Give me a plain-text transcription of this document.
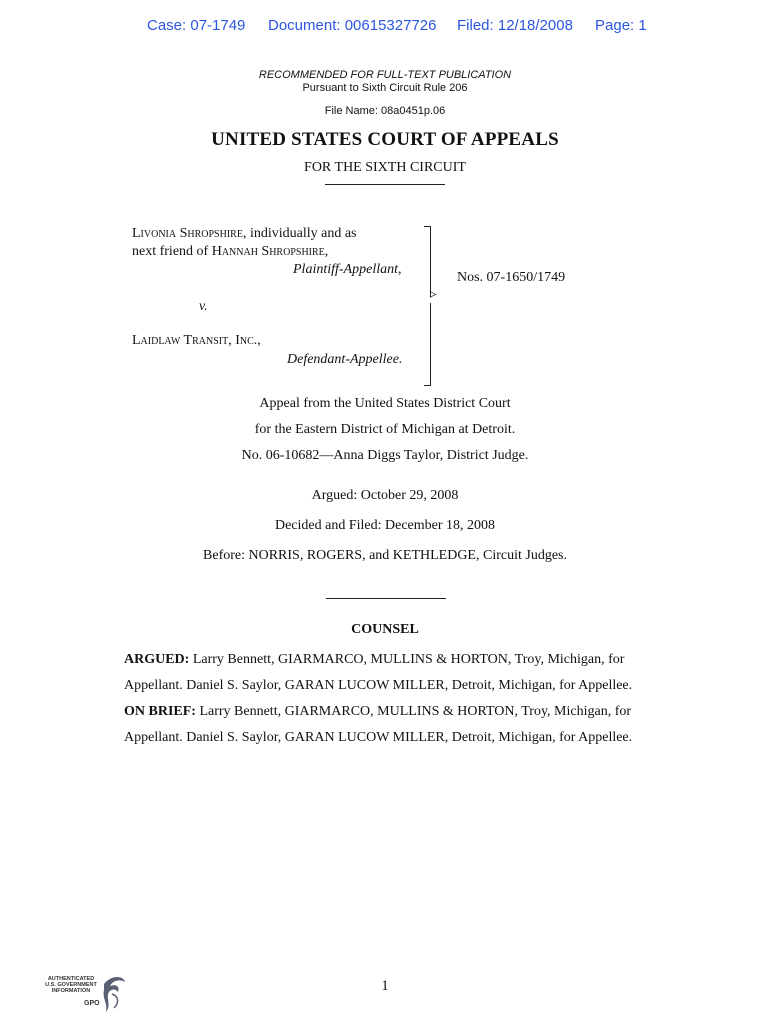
Case: 07-1749 Document: 00615327726 Filed: 12/18/2008 Page: 1
RECOMMENDED FOR FULL-TEXT PUBLICATION
Pursuant to Sixth Circuit Rule 206
File Name: 08a0451p.06
UNITED STATES COURT OF APPEALS
FOR THE SIXTH CIRCUIT
Livonia Shropshire, individually and as
next friend of Hannah Shropshire,
Plaintiff-Appellant,
v.
Laidlaw Transit, Inc.,
Defendant-Appellee.
>
Nos. 07-1650/1749
Appeal from the United States District Court
for the Eastern District of Michigan at Detroit.
No. 06-10682—Anna Diggs Taylor, District Judge.
Argued: October 29, 2008
Decided and Filed: December 18, 2008
Before: NORRIS, ROGERS, and KETHLEDGE, Circuit Judges.
COUNSEL
ARGUED: Larry Bennett, GIARMARCO, MULLINS & HORTON, Troy, Michigan, for
Appellant. Daniel S. Saylor, GARAN LUCOW MILLER, Detroit, Michigan, for Appellee.
ON BRIEF: Larry Bennett, GIARMARCO, MULLINS & HORTON, Troy, Michigan, for
Appellant. Daniel S. Saylor, GARAN LUCOW MILLER, Detroit, Michigan, for Appellee.
1
AUTHENTICATED
U.S. GOVERNMENT
INFORMATION
GPO
